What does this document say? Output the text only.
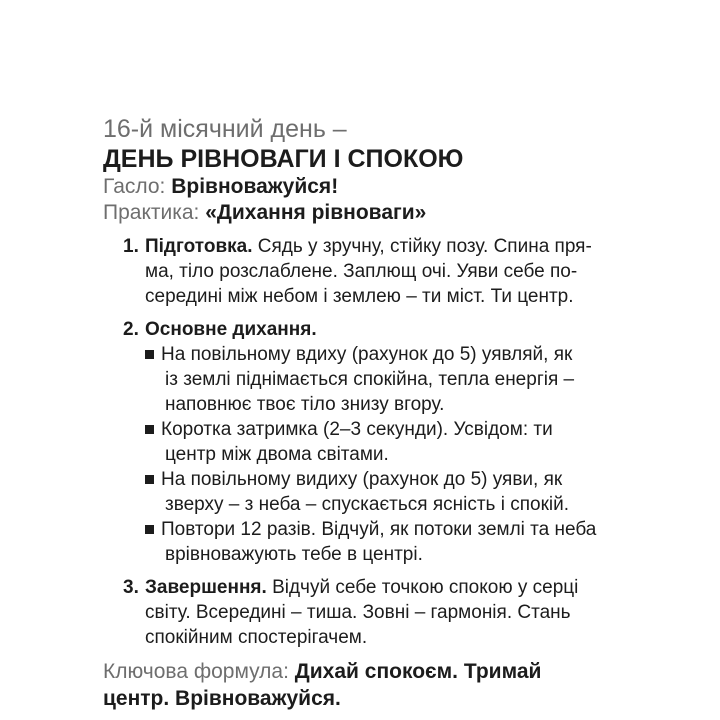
16-й місячний день –
ДЕНЬ РІВНОВАГИ І СПОКОЮ
Гасло: Врівноважуйся!
Практика: «Дихання рівноваги»
1. Підготовка. Сядь у зручну, стійку позу. Спина пря-
ма, тіло розслаблене. Заплющ очі. Уяви себе по-
середині між небом і землею – ти міст. Ти центр.
2. Основне дихання.
На повільному вдиху (рахунок до 5) уявляй, як
із землі піднімається спокійна, тепла енергія –
наповнює твоє тіло знизу вгору.
Коротка затримка (2–3 секунди). Усвідом: ти
центр між двома світами.
На повільному видиху (рахунок до 5) уяви, як
зверху – з неба – спускається ясність і спокій.
Повтори 12 разів. Відчуй, як потоки землі та неба
врівноважують тебе в центрі.
3. Завершення. Відчуй себе точкою спокою у серці
світу. Всередині – тиша. Зовні – гармонія. Стань
спокійним спостерігачем.
Ключова формула: Дихай спокоєм. Тримай
центр. Врівноважуйся.
